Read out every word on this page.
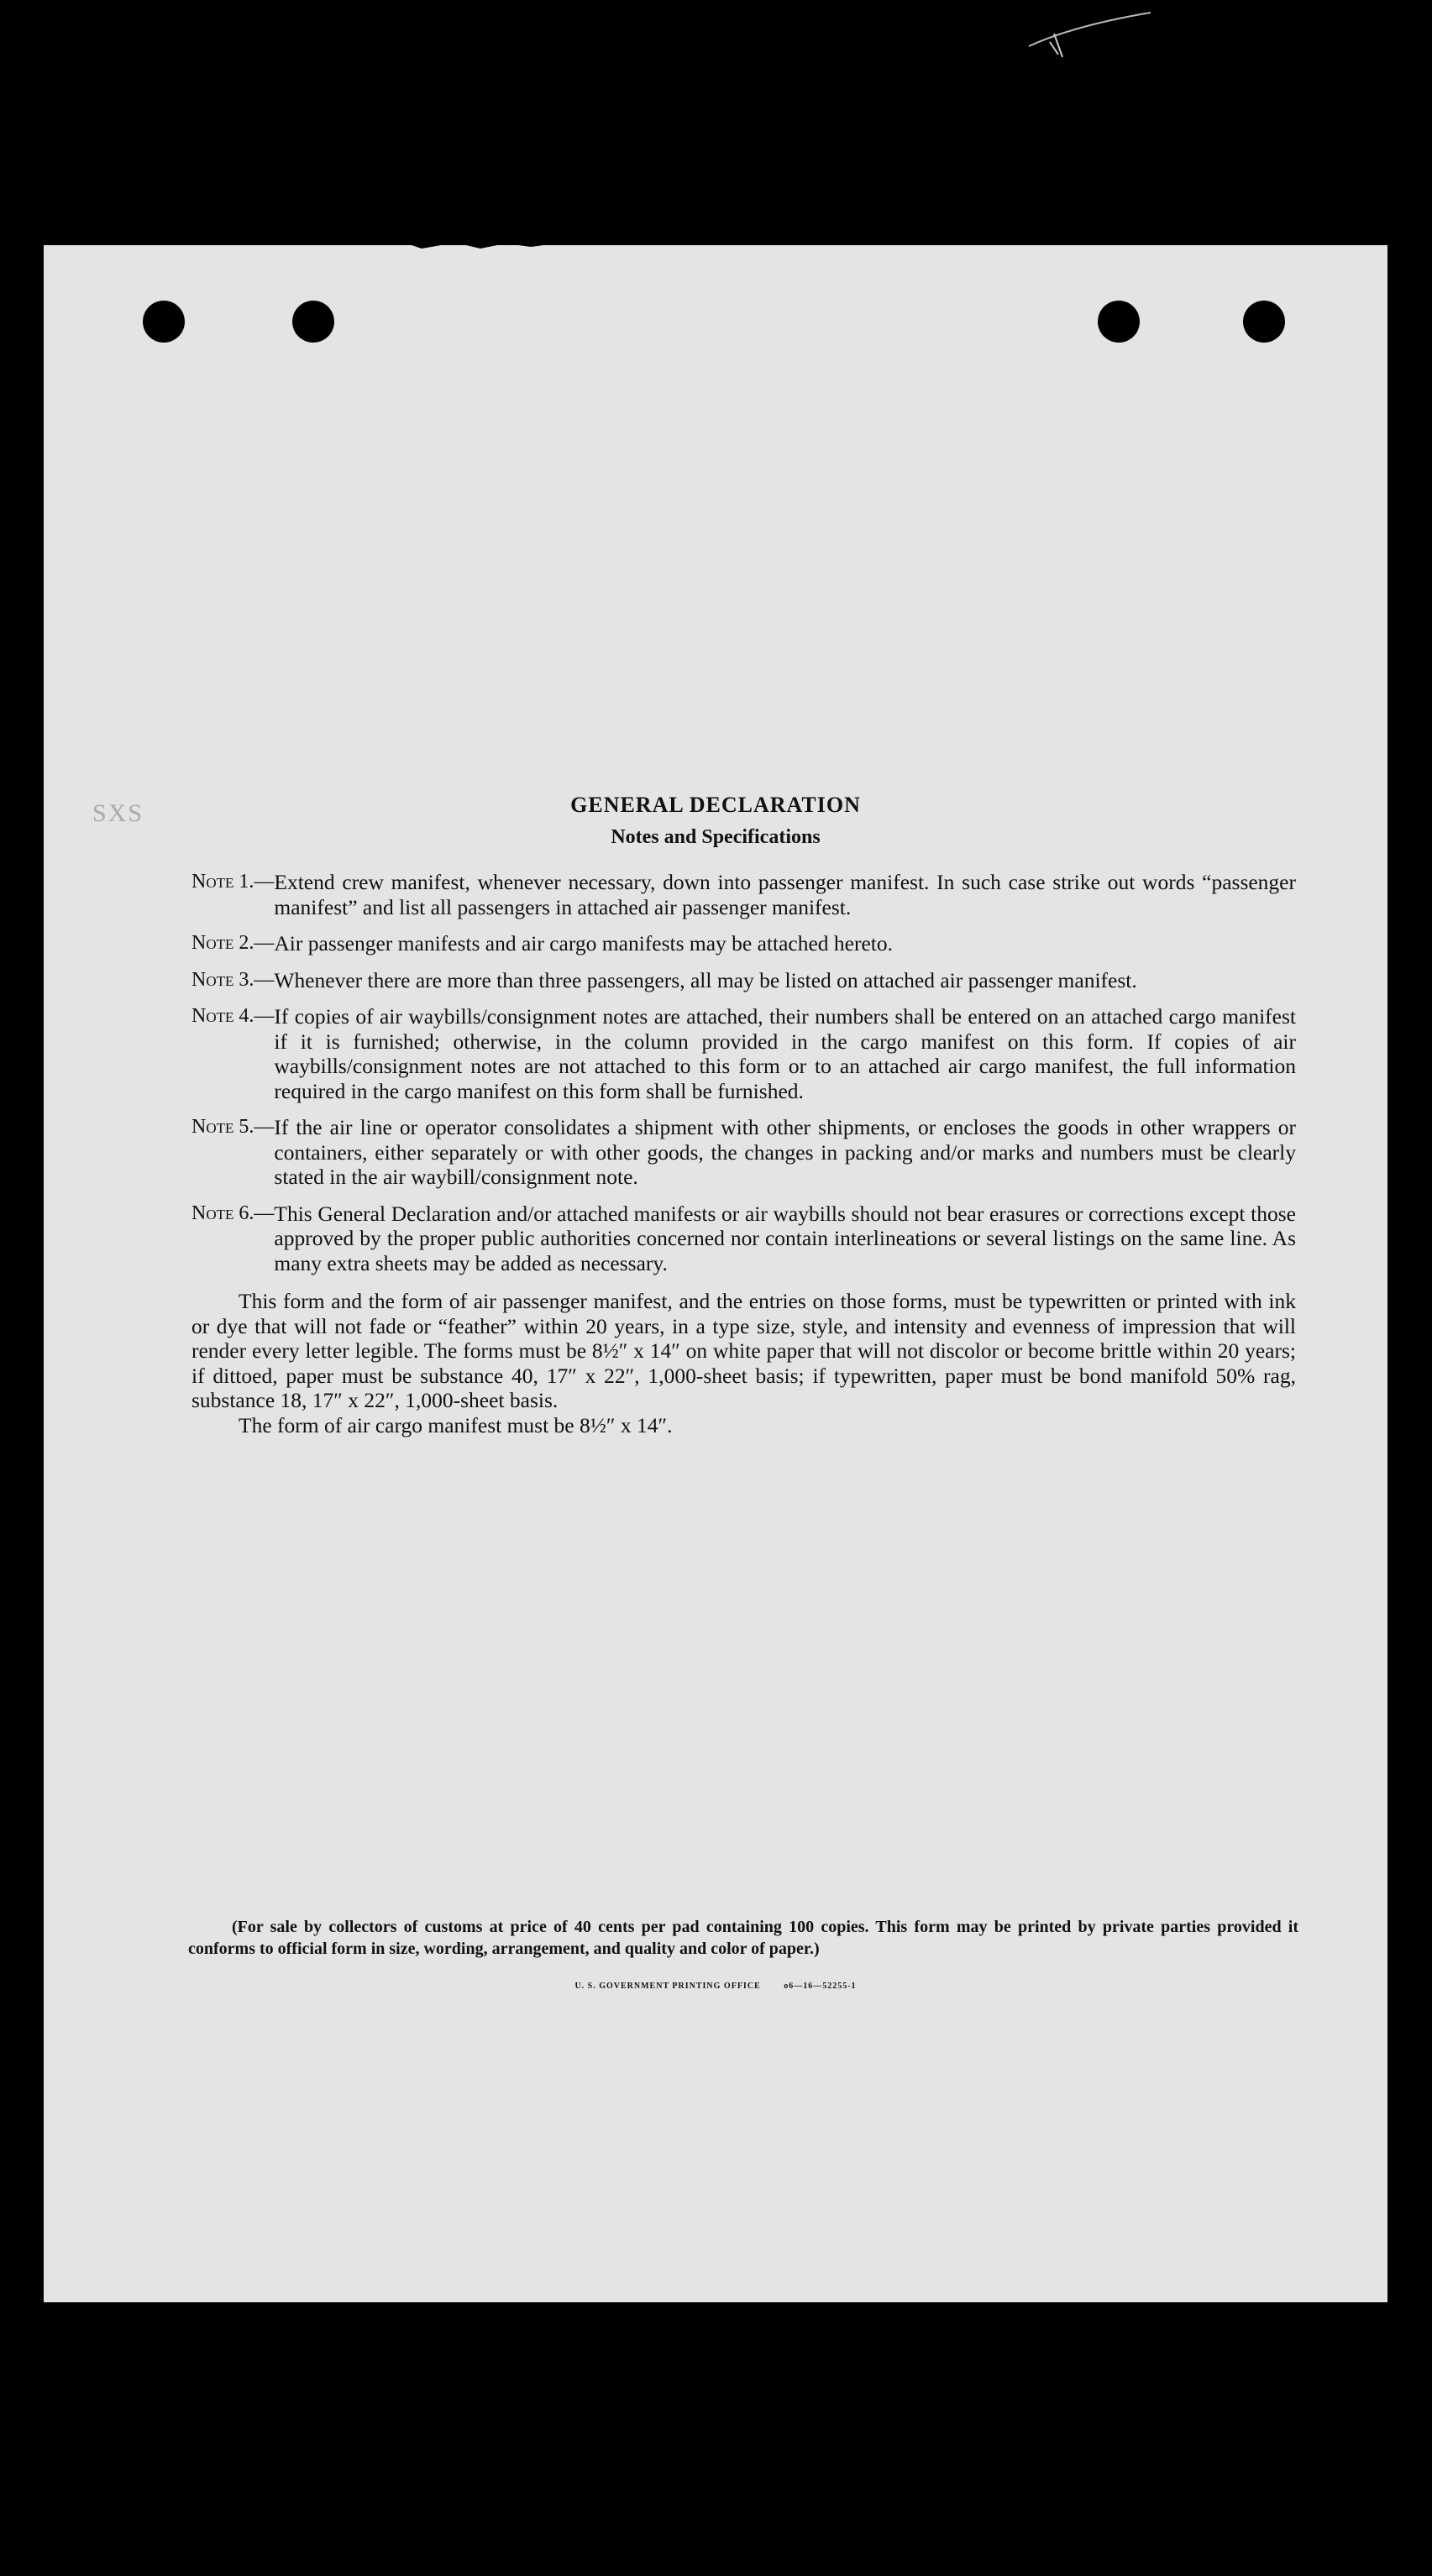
SXS	GENERAL DECLARATION
Notes and Specifications
Note 1.— Extend crew manifest, whenever necessary, down into passenger manifest. In such case strike out words “passenger manifest” and list all passengers in attached air passenger manifest.
Note 2.— Air passenger manifests and air cargo manifests may be attached hereto.
Note 3.— Whenever there are more than three passengers, all may be listed on attached air passenger manifest.
Note 4.— If copies of air waybills/consignment notes are attached, their numbers shall be entered on an attached cargo manifest if it is furnished; otherwise, in the column provided in the cargo manifest on this form. If copies of air waybills/consignment notes are not attached to this form or to an attached air cargo manifest, the full information required in the cargo manifest on this form shall be furnished.
Note 5.— If the air line or operator consolidates a shipment with other shipments, or encloses the goods in other wrappers or containers, either separately or with other goods, the changes in packing and/or marks and numbers must be clearly stated in the air waybill/consignment note.
Note 6.— This General Declaration and/or attached manifests or air waybills should not bear erasures or corrections except those approved by the proper public authorities concerned nor contain interlineations or several listings on the same line. As many extra sheets may be added as necessary.
This form and the form of air passenger manifest, and the entries on those forms, must be typewritten or printed with ink or dye that will not fade or “feather” within 20 years, in a type size, style, and intensity and evenness of impression that will render every letter legible. The forms must be 8½″ x 14″ on white paper that will not discolor or become brittle within 20 years; if dittoed, paper must be substance 40, 17″ x 22″, 1,000-sheet basis; if typewritten, paper must be bond manifold 50% rag, substance 18, 17″ x 22″, 1,000-sheet basis.
The form of air cargo manifest must be 8½″ x 14″.
(For sale by collectors of customs at price of 40 cents per pad containing 100 copies. This form may be printed by private parties provided it conforms to official form in size, wording, arrangement, and quality and color of paper.)
U. S. GOVERNMENT PRINTING OFFICE	o6—16—52255-1
